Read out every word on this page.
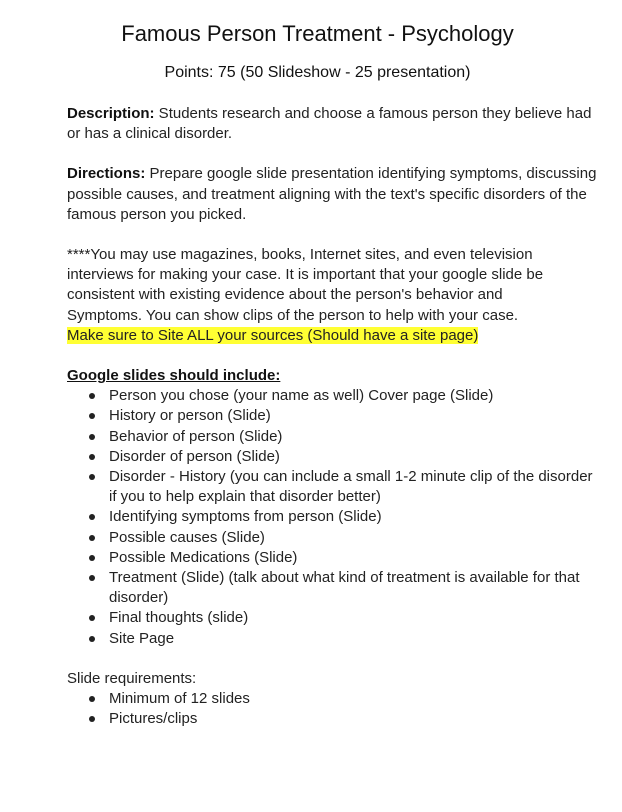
Famous Person Treatment - Psychology
Points: 75 (50 Slideshow - 25 presentation)

Description: Students research and choose a famous person they believe had or has a clinical disorder.

Directions: Prepare google slide presentation identifying symptoms, discussing possible causes, and treatment aligning with the text's specific disorders of the famous person you picked.

****You may use magazines, books, Internet sites, and even television interviews for making your case. It is important that your google slide be consistent with existing evidence about the person's behavior and
Symptoms. You can show clips of the person to help with your case.
Make sure to Site ALL your sources (Should have a site page)

Google slides should include:
Person you chose (your name as well) Cover page (Slide)
History or person (Slide)
Behavior of person (Slide)
Disorder of person (Slide)
Disorder - History (you can include a small 1-2 minute clip of the disorder if you to help explain that disorder better)
Identifying symptoms from person (Slide)
Possible causes (Slide)
Possible Medications (Slide)
Treatment (Slide) (talk about what kind of treatment is available for that disorder)
Final thoughts (slide)
Site Page

Slide requirements:

Minimum of 12 slides
Pictures/clips
